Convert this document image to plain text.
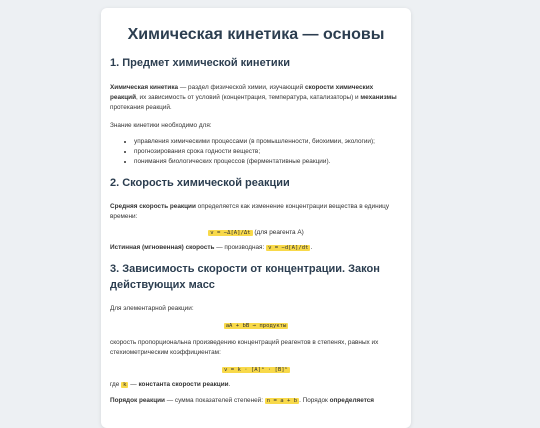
Химическая кинетика — основы
1. Предмет химической кинетики

Химическая кинетика — раздел физической химии, изучающий скорости химических реакций, их зависимость от условий (концентрация, температура, катализаторы) и механизмы протекания реакций.

Знание кинетики необходимо для:

• управления химическими процессами (в промышленности, биохимии, экологии);
• прогнозирования срока годности веществ;
• понимания биологических процессов (ферментативные реакции).
2. Скорость химической реакции

Средняя скорость реакции определяется как изменение концентрации вещества в единицу времени:

v = −Δ[A]/Δt (для реагента A)

Истинная (мгновенная) скорость — производная: v = −d[A]/dt .

3. Зависимость скорости от концентрации. Закон действующих масс

Для элементарной реакции:

aA + bB → продукты

скорость пропорциональна произведению концентраций реагентов в степенях, равных их стехиометрическим коэффициентам:

v = k · [A]ᵃ · [B]ᵇ

где k — константа скорости реакции.

Порядок реакции — сумма показателей степеней: n = a + b . Порядок определяется
